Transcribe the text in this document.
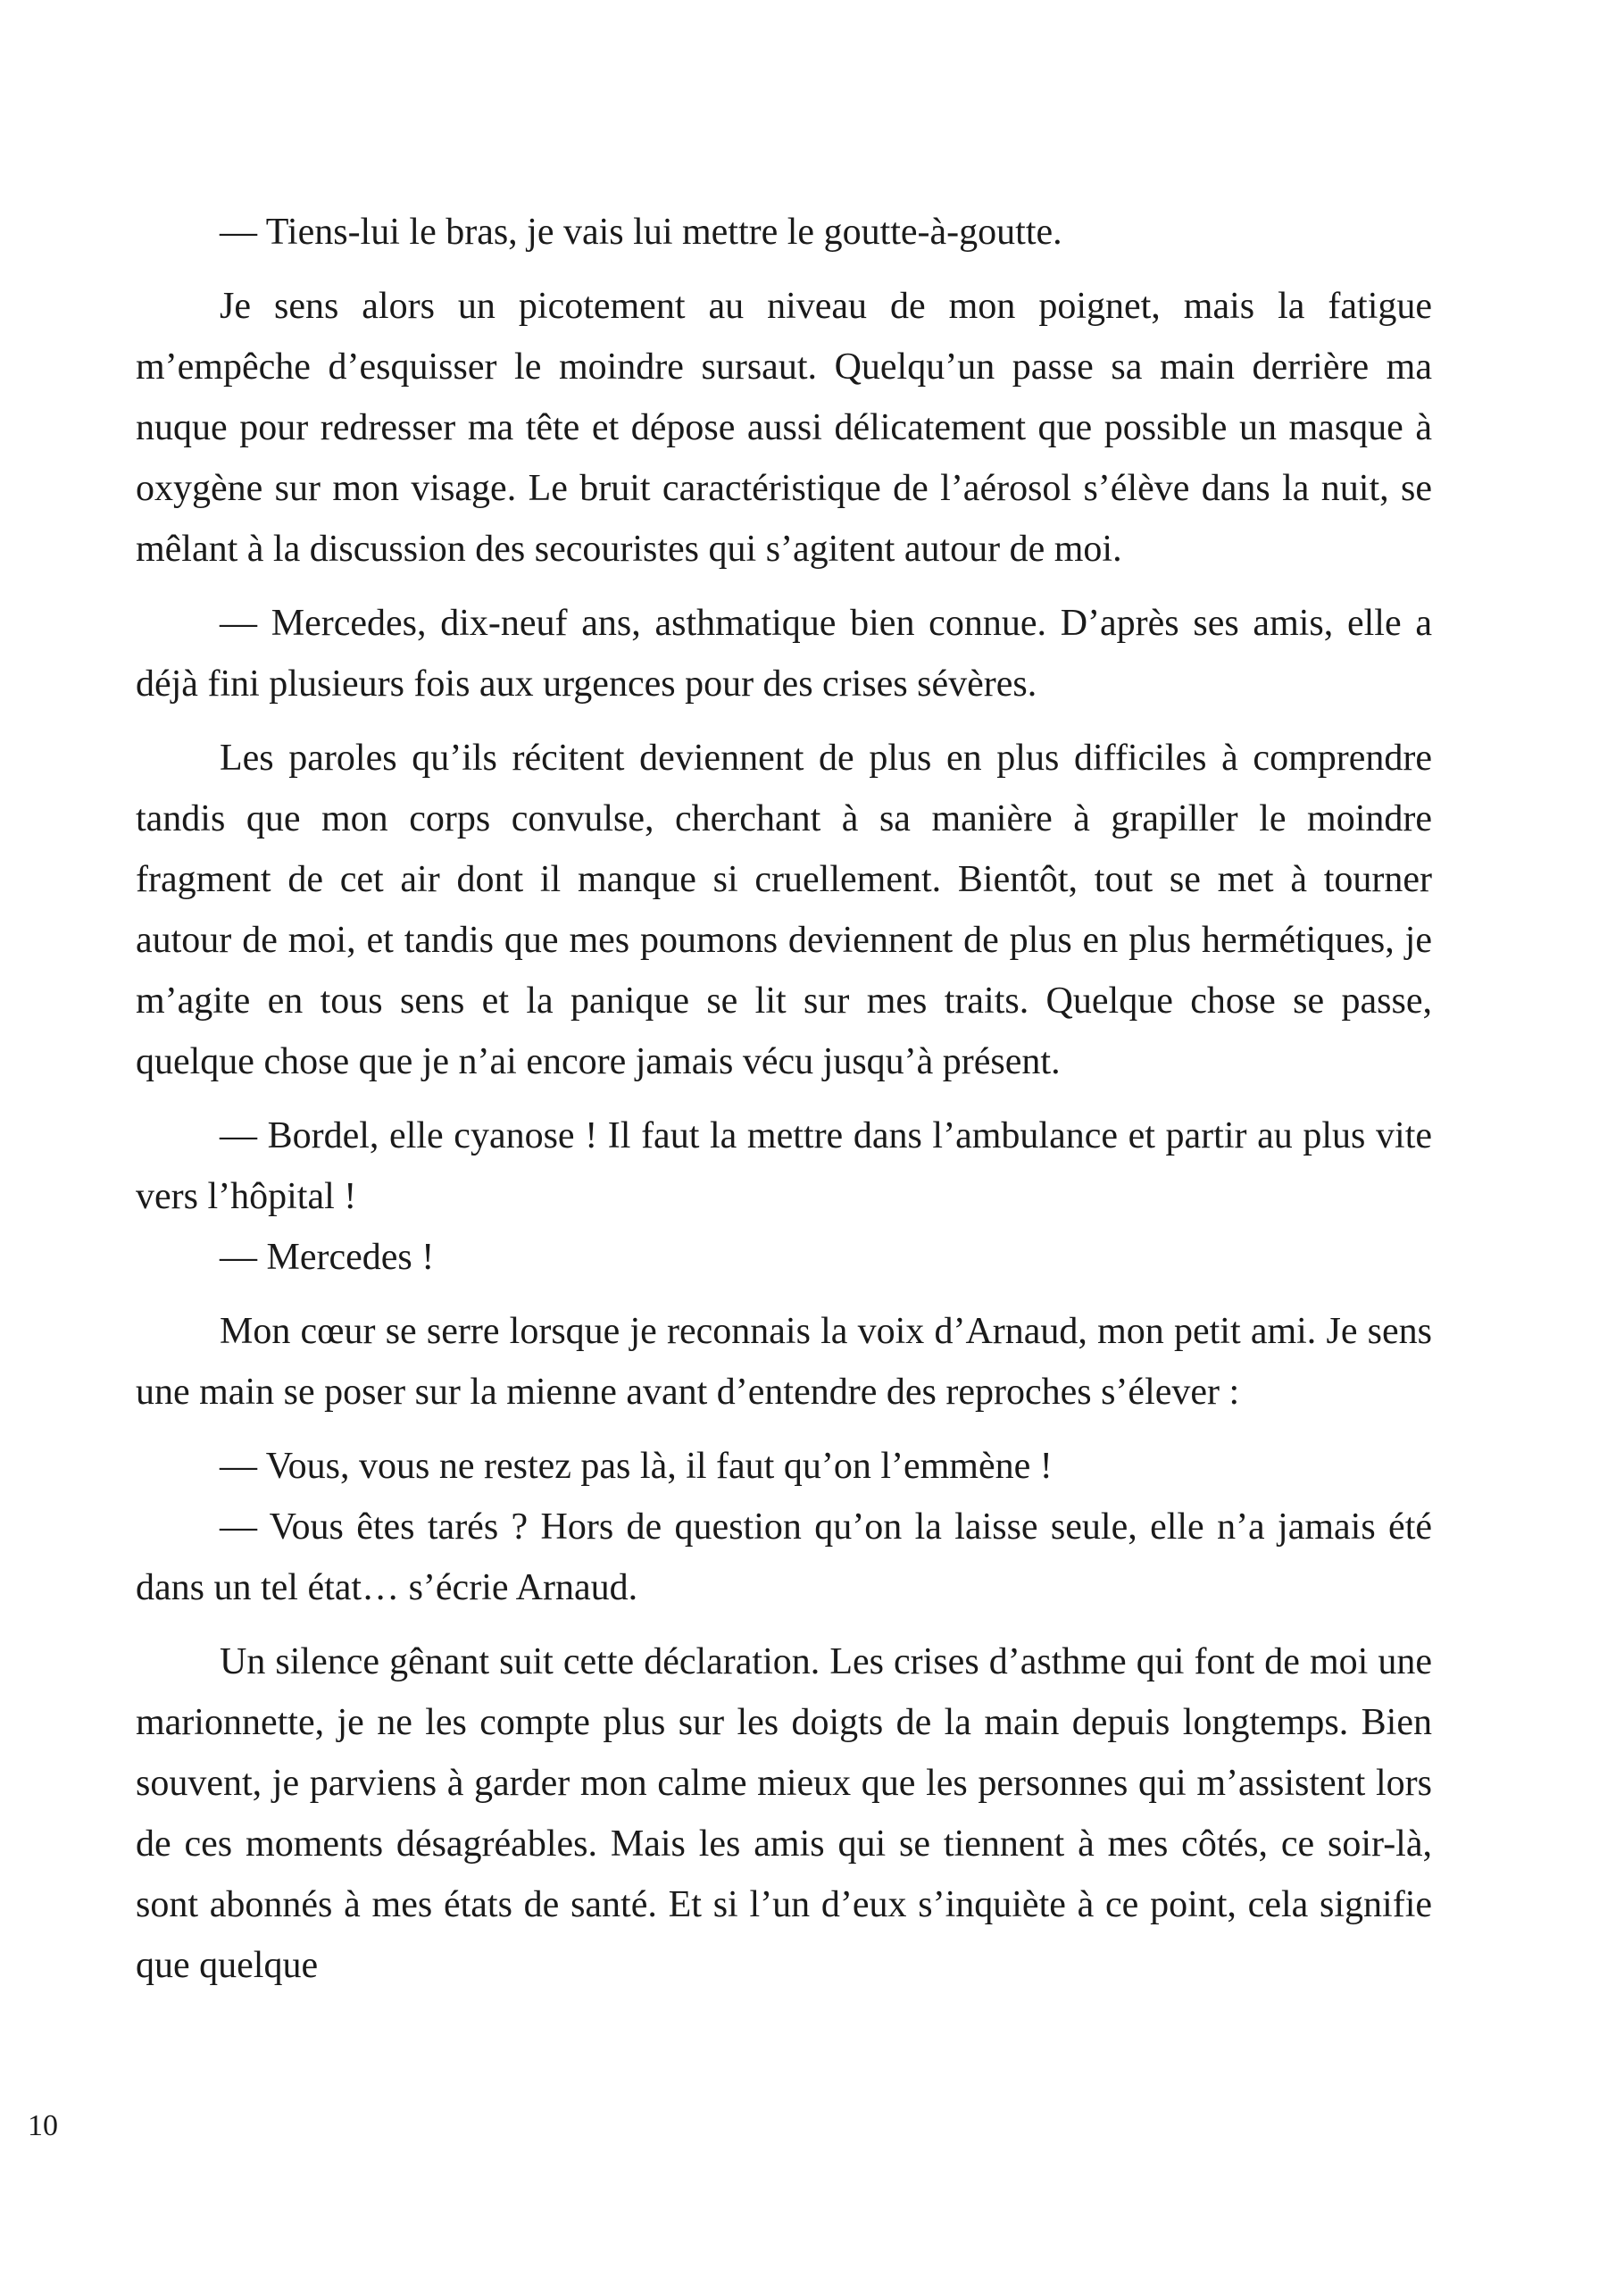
— Tiens-lui le bras, je vais lui mettre le goutte-à-goutte.

Je sens alors un picotement au niveau de mon poignet, mais la fatigue m’empêche d’esquisser le moindre sursaut. Quelqu’un passe sa main derrière ma nuque pour redresser ma tête et dépose aussi délicatement que possible un masque à oxygène sur mon visage. Le bruit caractéristique de l’aérosol s’élève dans la nuit, se mêlant à la discussion des secouristes qui s’agitent autour de moi.

— Mercedes, dix-neuf ans, asthmatique bien connue. D’après ses amis, elle a déjà fini plusieurs fois aux urgences pour des crises sévères.

Les paroles qu’ils récitent deviennent de plus en plus difficiles à comprendre tandis que mon corps convulse, cherchant à sa manière à grapiller le moindre fragment de cet air dont il manque si cruellement. Bientôt, tout se met à tourner autour de moi, et tandis que mes poumons deviennent de plus en plus hermétiques, je m’agite en tous sens et la panique se lit sur mes traits. Quelque chose se passe, quelque chose que je n’ai encore jamais vécu jusqu’à présent.

— Bordel, elle cyanose ! Il faut la mettre dans l’ambulance et partir au plus vite vers l’hôpital !

— Mercedes !

Mon cœur se serre lorsque je reconnais la voix d’Arnaud, mon petit ami. Je sens une main se poser sur la mienne avant d’entendre des reproches s’élever :

— Vous, vous ne restez pas là, il faut qu’on l’emmène !

— Vous êtes tarés ? Hors de question qu’on la laisse seule, elle n’a jamais été dans un tel état… s’écrie Arnaud.

Un silence gênant suit cette déclaration. Les crises d’asthme qui font de moi une marionnette, je ne les compte plus sur les doigts de la main depuis longtemps. Bien souvent, je parviens à garder mon calme mieux que les personnes qui m’assistent lors de ces moments désagréables. Mais les amis qui se tiennent à mes côtés, ce soir-là, sont abonnés à mes états de santé. Et si l’un d’eux s’inquiète à ce point, cela signifie que quelque

10
